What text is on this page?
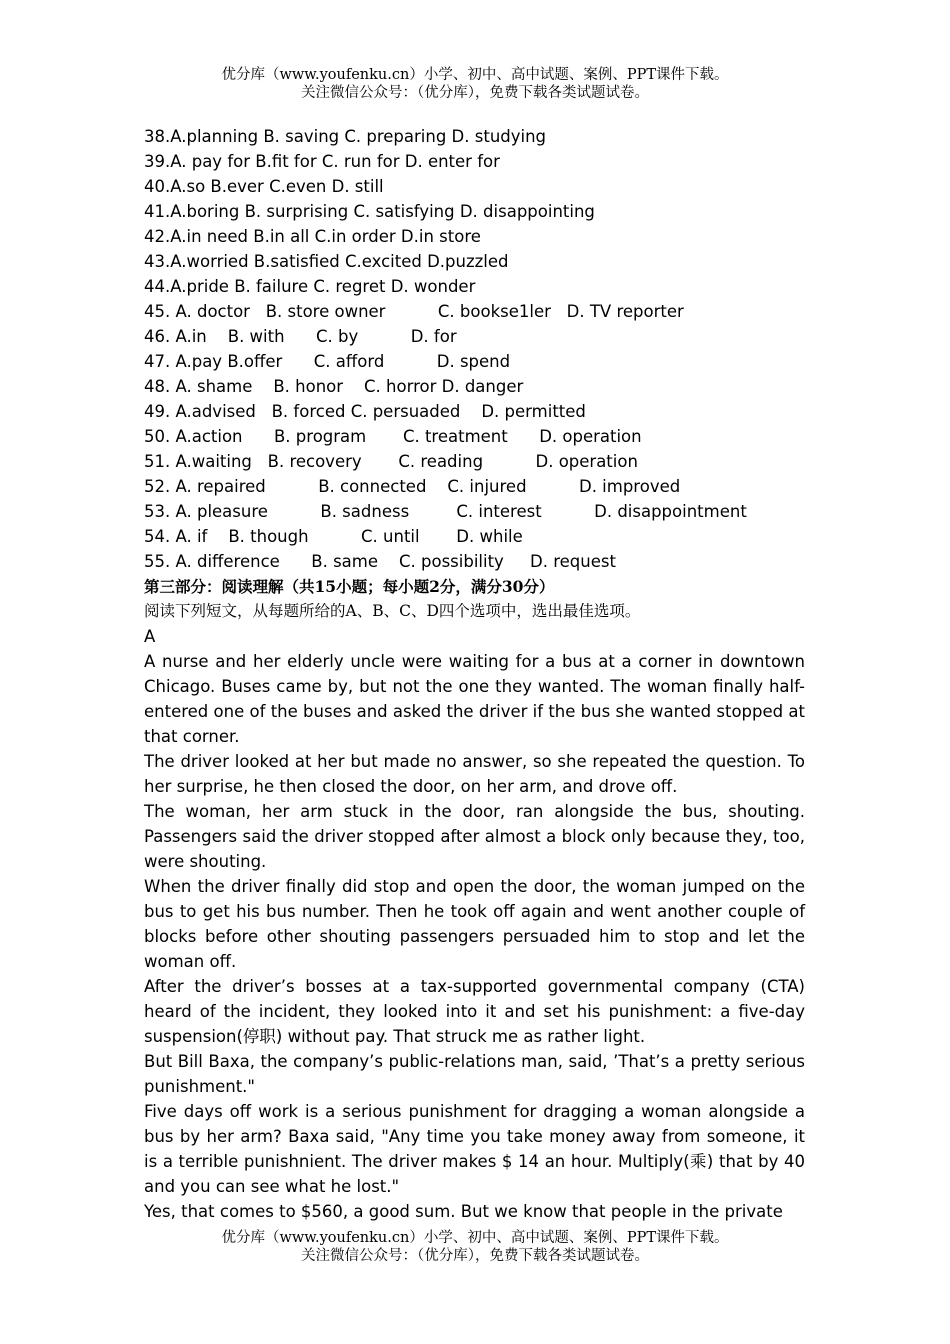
优分库（www.youfenku.cn）小学、初中、高中试题、案例、PPT课件下载。
关注微信公众号：（优分库），免费下载各类试题试卷。
38.A.planning B. saving C. preparing D. studying
39.A. pay for B.fit for C. run for D. enter for
40.A.so B.ever C.even D. still
41.A.boring B. surprising C. satisfying D. disappointing
42.A.in need B.in all C.in order D.in store
43.A.worried B.satisfied C.excited D.puzzled
44.A.pride B. failure C. regret D. wonder
45. A. doctor   B. store owner          C. bookse1ler   D. TV reporter
46. A.in    B. with      C. by          D. for
47. A.pay B.offer      C. afford          D. spend
48. A. shame    B. honor    C. horror D. danger
49. A.advised   B. forced C. persuaded    D. permitted
50. A.action      B. program       C. treatment      D. operation
51. A.waiting   B. recovery       C. reading          D. operation
52. A. repaired          B. connected    C. injured          D. improved
53. A. pleasure          B. sadness         C. interest          D. disappointment
54. A. if    B. though          C. until       D. while
55. A. difference      B. same    C. possibility     D. request
第三部分：阅读理解（共15小题；每小题2分，满分30分）
阅读下列短文，从每题所给的A、B、C、D四个选项中，选出最佳选项。
A
A nurse and her elderly uncle were waiting for a bus at a corner in downtown Chicago. Buses came by, but not the one they wanted. The woman finally half-entered one of the buses and asked the driver if the bus she wanted stopped at that corner.
The driver looked at her but made no answer, so she repeated the question. To her surprise, he then closed the door, on her arm, and drove off.
The woman, her arm stuck in the door, ran alongside the bus, shouting. Passengers said the driver stopped after almost a block only because they, too, were shouting.
When the driver finally did stop and open the door, the woman jumped on the bus to get his bus number. Then he took off again and went another couple of blocks before other shouting passengers persuaded him to stop and let the woman off.
After the driver’s bosses at a tax-supported governmental company (CTA) heard of the incident, they looked into it and set his punishment: a five-day suspension(停职) without pay. That struck me as rather light.
But Bill Baxa, the company’s public-relations man, said, ’That’s a pretty serious punishment."
Five days off work is a serious punishment for dragging a woman alongside a bus by her arm? Baxa said, "Any time you take money away from someone, it is a terrible punishnient. The driver makes $ 14 an hour. Multiply(乘) that by 40 and you can see what he lost."
Yes, that comes to $560, a good sum. But we know that people in the private
优分库（www.youfenku.cn）小学、初中、高中试题、案例、PPT课件下载。
关注微信公众号：（优分库），免费下载各类试题试卷。
